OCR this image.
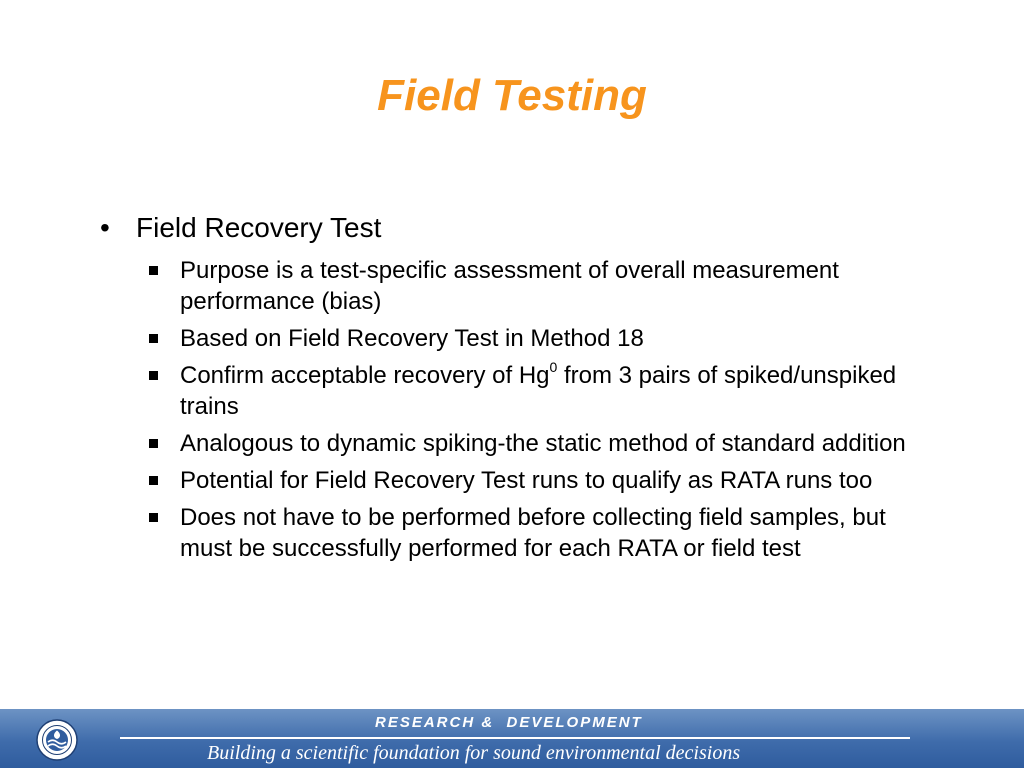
Field Testing
• Field Recovery Test
Purpose is a test-specific assessment of overall measurement performance (bias)
Based on Field Recovery Test in Method 18
Confirm acceptable recovery of Hg$^0$ from 3 pairs of spiked/unspiked trains
Analogous to dynamic spiking-the static method of standard addition
Potential for Field Recovery Test runs to qualify as RATA runs too
Does not have to be performed before collecting field samples, but must be successfully performed for each RATA or field test
RESEARCH &  DEVELOPMENT
Building a scientific foundation for sound environmental decisions
